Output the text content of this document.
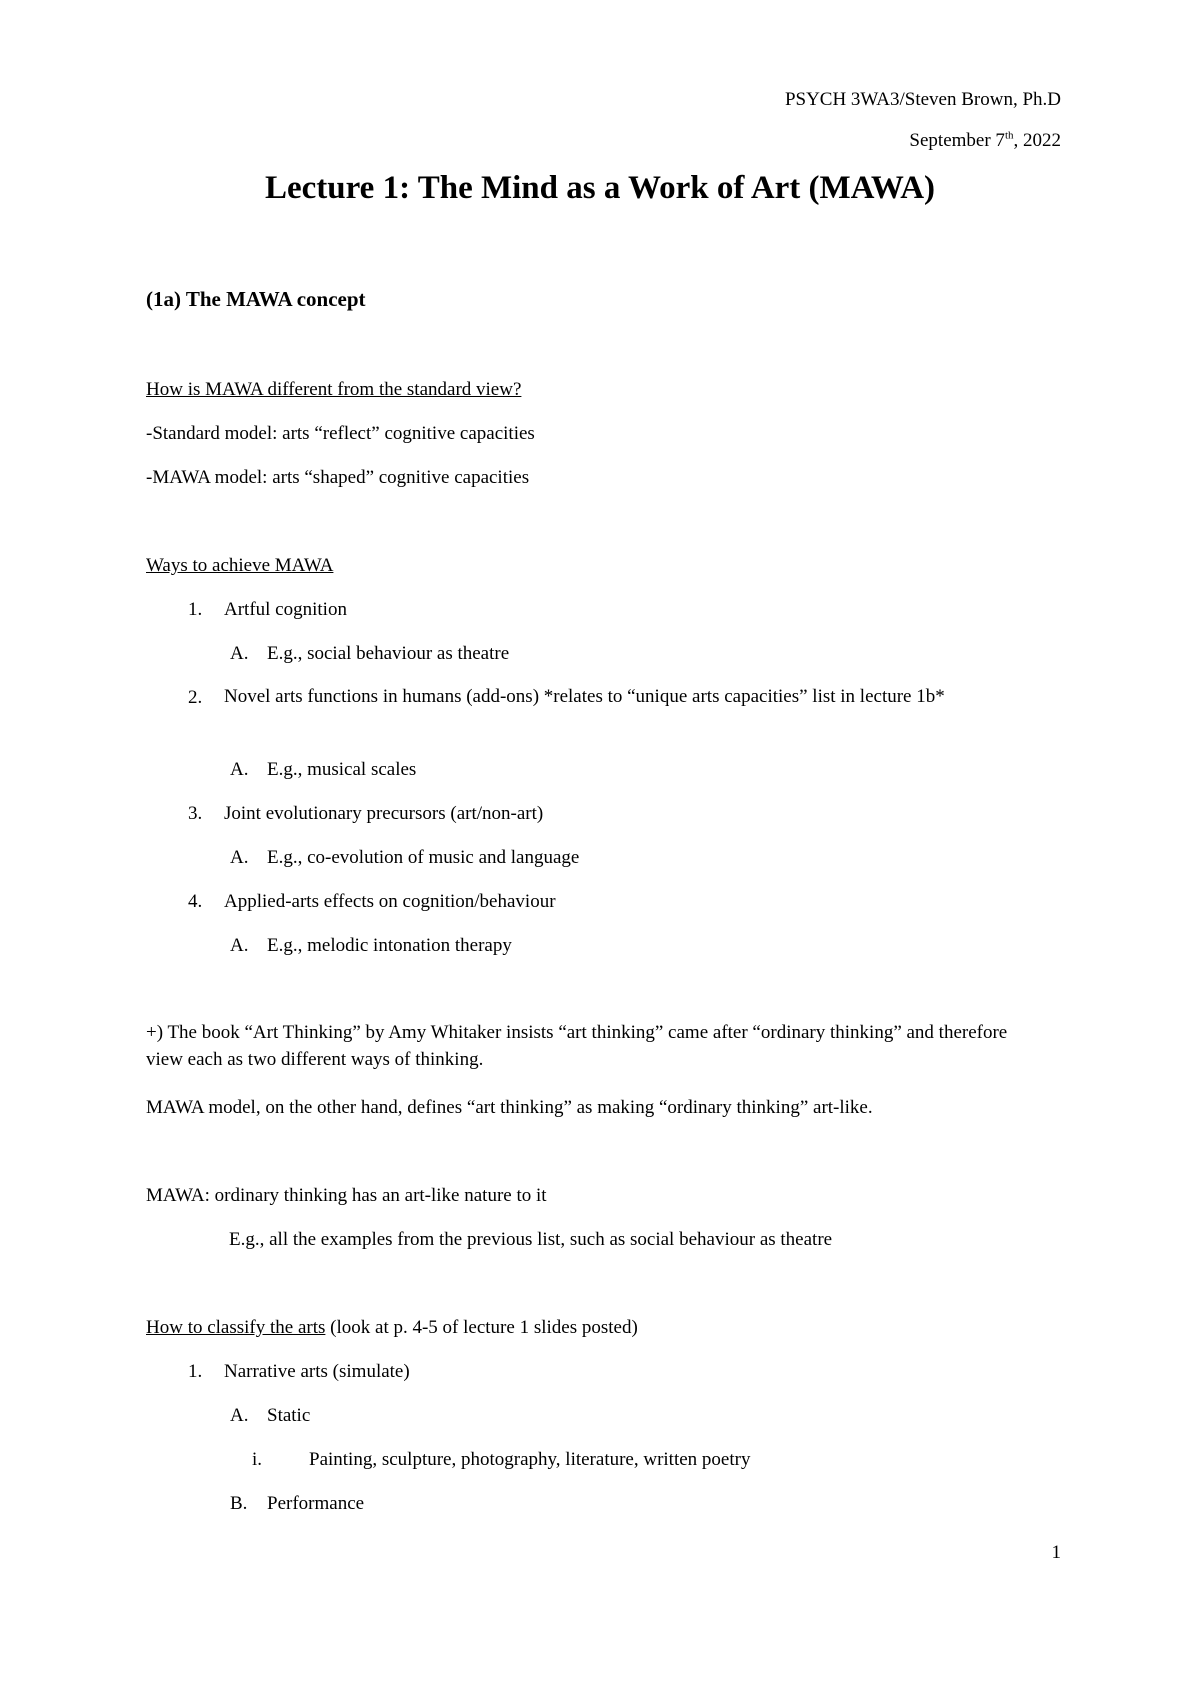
PSYCH 3WA3/Steven Brown, Ph.D
September 7th, 2022
Lecture 1: The Mind as a Work of Art (MAWA)
(1a) The MAWA concept

How is MAWA different from the standard view?

-Standard model: arts “reflect” cognitive capacities

-MAWA model: arts “shaped” cognitive capacities

Ways to achieve MAWA

1. Artful cognition

A. E.g., social behaviour as theatre

2. Novel arts functions in humans (add-ons) *relates to “unique arts capacities” list in lecture 1b*

A. E.g., musical scales

3. Joint evolutionary precursors (art/non-art)

A. E.g., co-evolution of music and language

4. Applied-arts effects on cognition/behaviour

A. E.g., melodic intonation therapy

+) The book “Art Thinking” by Amy Whitaker insists “art thinking” came after “ordinary thinking” and therefore view each as two different ways of thinking.

MAWA model, on the other hand, defines “art thinking” as making “ordinary thinking” art-like.

MAWA: ordinary thinking has an art-like nature to it

E.g., all the examples from the previous list, such as social behaviour as theatre

How to classify the arts (look at p. 4-5 of lecture 1 slides posted)

1. Narrative arts (simulate)

A. Static

i. Painting, sculpture, photography, literature, written poetry

B. Performance

1
